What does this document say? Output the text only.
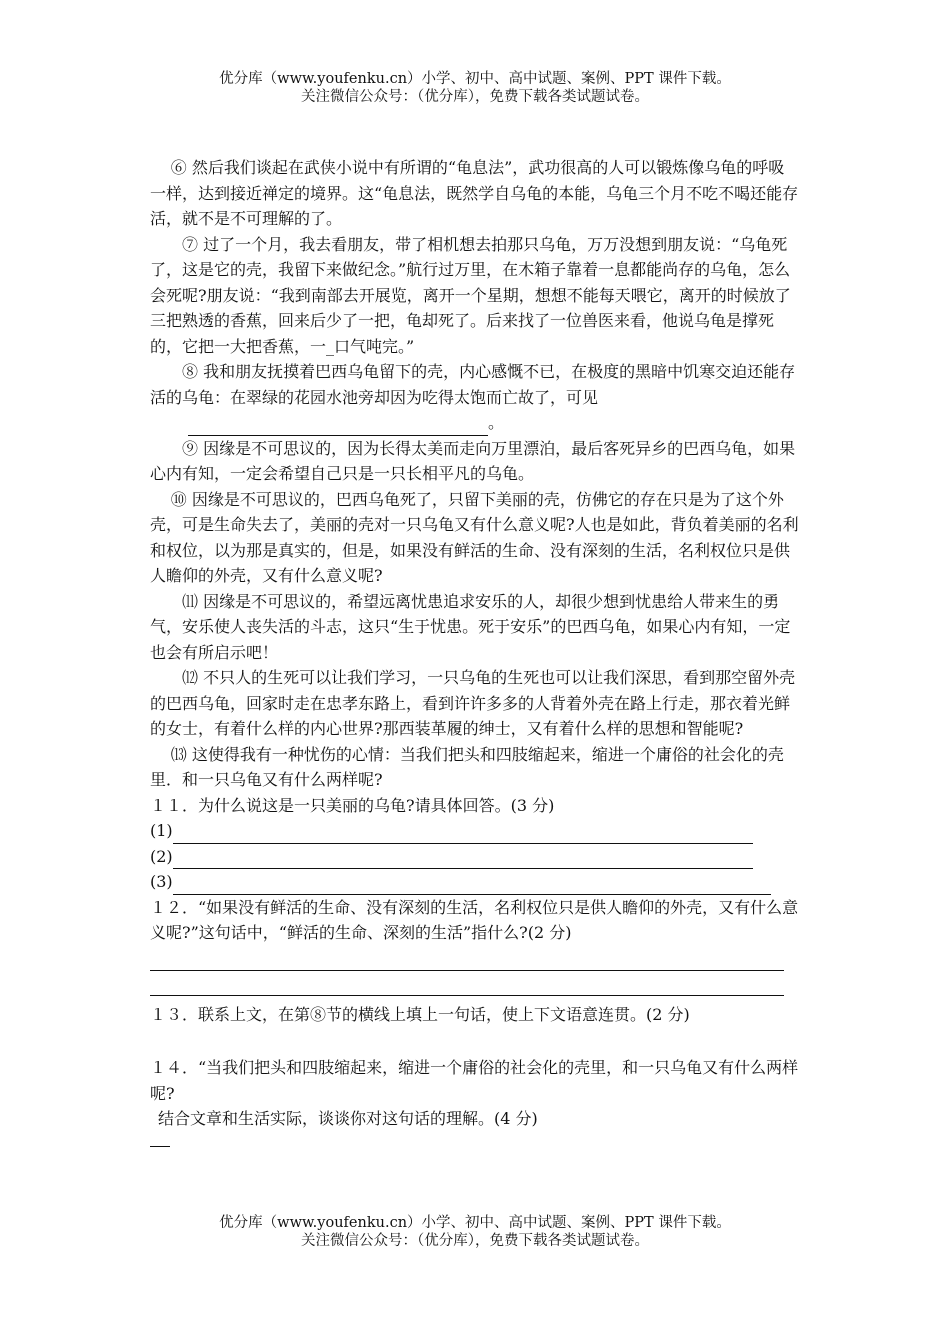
优分库（www.youfenku.cn）小学、初中、高中试题、案例、PPT 课件下载。
关注微信公众号：（优分库），免费下载各类试题试卷。

⑥ 然后我们谈起在武侠小说中有所谓的“龟息法”，武功很高的人可以锻炼像乌龟的呼吸一样，达到接近禅定的境界。这“龟息法，既然学自乌龟的本能，乌龟三个月不吃不喝还能存活，就不是不可理解的了。

⑦ 过了一个月，我去看朋友，带了相机想去拍那只乌龟，万万没想到朋友说：“乌龟死了，这是它的壳，我留下来做纪念。”航行过万里，在木箱子靠着一息都能尚存的乌龟，怎么会死呢?朋友说：“我到南部去开展览，离开一个星期，想想不能每天喂它，离开的时候放了三把熟透的香蕉，回来后少了一把，龟却死了。后来找了一位兽医来看，他说乌龟是撑死的，它把一大把香蕉，一_口气吨完。”

⑧ 我和朋友抚摸着巴西乌龟留下的壳，内心感慨不已，在极度的黑暗中饥寒交迫还能存活的乌龟：在翠绿的花园水池旁却因为吃得太饱而亡故了，可见

。

⑨ 因缘是不可思议的，因为长得太美而走向万里漂泊，最后客死异乡的巴西乌龟，如果心内有知，一定会希望自己只是一只长相平凡的乌龟。

⑩ 因缘是不可思议的，巴西乌龟死了，只留下美丽的壳，仿佛它的存在只是为了这个外壳，可是生命失去了，美丽的壳对一只乌龟又有什么意义呢?人也是如此，背负着美丽的名利和权位，以为那是真实的，但是，如果没有鲜活的生命、没有深刻的生活，名利权位只是供人瞻仰的外壳，又有什么意义呢?

⑾ 因缘是不可思议的，希望远离忧患追求安乐的人，却很少想到忧患给人带来生的勇气，安乐使人丧失活的斗志，这只“生于忧患。死于安乐”的巴西乌龟，如果心内有知，一定也会有所启示吧！

⑿ 不只人的生死可以让我们学习，一只乌龟的生死也可以让我们深思，看到那空留外壳的巴西乌龟，回家时走在忠孝东路上，看到许许多多的人背着外壳在路上行走，那衣着光鲜的女士，有着什么样的内心世界?那西装革履的绅士，又有着什么样的思想和智能呢?

⒀ 这使得我有一种忧伤的心情：当我们把头和四肢缩起来，缩进一个庸俗的社会化的壳里．和一只乌龟又有什么两样呢?

１１．为什么说这是一只美丽的乌龟?请具体回答。(3 分)

(1)
(2)
(3)

１２．“如果没有鲜活的生命、没有深刻的生活，名利权位只是供人瞻仰的外壳，又有什么意义呢?”这句话中，“鲜活的生命、深刻的生活”指什么?(2 分)

１３．联系上文，在第⑧节的横线上填上一句话，使上下文语意连贯。(2 分)

１４．“当我们把头和四肢缩起来，缩进一个庸俗的社会化的壳里，和一只乌龟又有什么两样呢?

结合文章和生活实际，谈谈你对这句话的理解。(4 分)

优分库（www.youfenku.cn）小学、初中、高中试题、案例、PPT 课件下载。
关注微信公众号：（优分库），免费下载各类试题试卷。
